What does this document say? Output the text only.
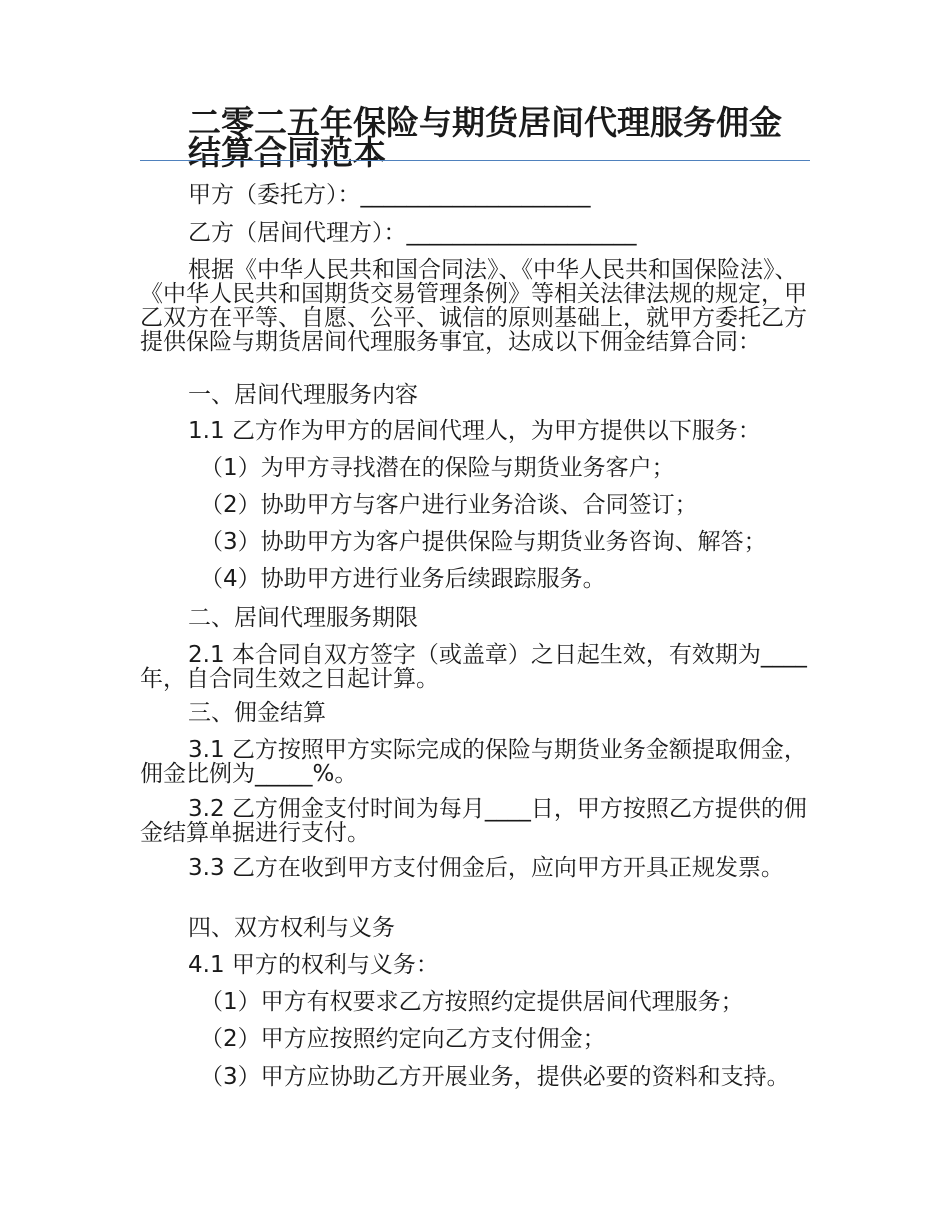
二零二五年保险与期货居间代理服务佣金结算合同范本

甲方（委托方）：____________________

乙方（居间代理方）：____________________

根据《中华人民共和国合同法》、《中华人民共和国保险法》、《中华人民共和国期货交易管理条例》等相关法律法规的规定，甲乙双方在平等、自愿、公平、诚信的原则基础上，就甲方委托乙方提供保险与期货居间代理服务事宜，达成以下佣金结算合同：

一、居间代理服务内容

1.1 乙方作为甲方的居间代理人，为甲方提供以下服务：

（1）为甲方寻找潜在的保险与期货业务客户；

（2）协助甲方与客户进行业务洽谈、合同签订；

（3）协助甲方为客户提供保险与期货业务咨询、解答；

（4）协助甲方进行业务后续跟踪服务。

二、居间代理服务期限

2.1 本合同自双方签字（或盖章）之日起生效，有效期为____年，自合同生效之日起计算。

三、佣金结算

3.1 乙方按照甲方实际完成的保险与期货业务金额提取佣金，佣金比例为_____%。

3.2 乙方佣金支付时间为每月____日，甲方按照乙方提供的佣金结算单据进行支付。

3.3 乙方在收到甲方支付佣金后，应向甲方开具正规发票。

四、双方权利与义务

4.1 甲方的权利与义务：

（1）甲方有权要求乙方按照约定提供居间代理服务；

（2）甲方应按照约定向乙方支付佣金；

（3）甲方应协助乙方开展业务，提供必要的资料和支持。
